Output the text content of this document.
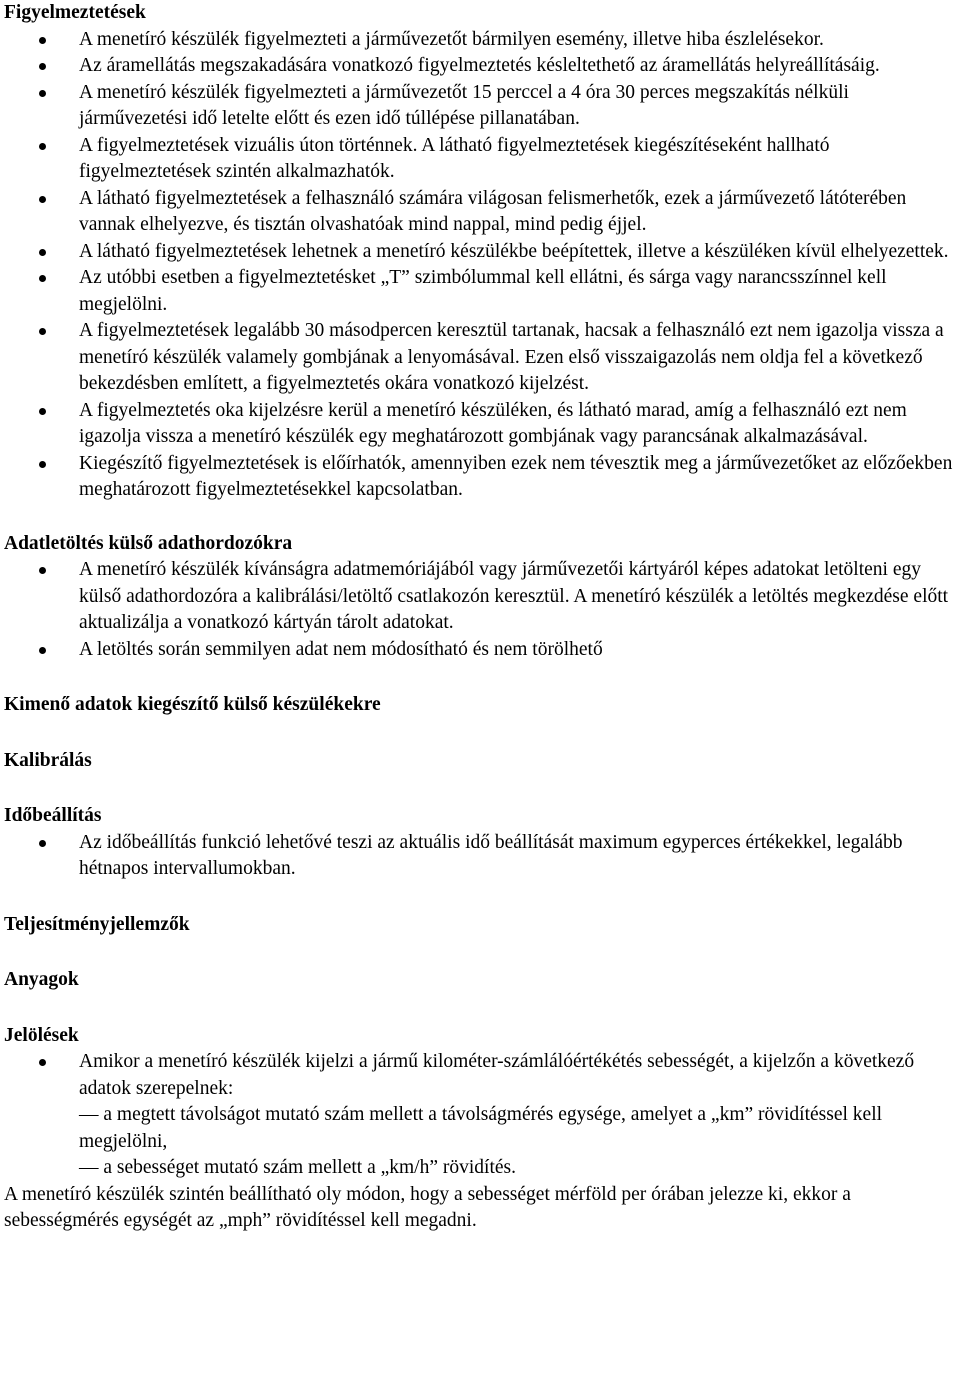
Figyelmeztetések
A menetíró készülék figyelmezteti a járművezetőt bármilyen esemény, illetve hiba észlelésekor.
Az áramellátás megszakadására vonatkozó figyelmeztetés késleltethető az áramellátás helyreállításáig.
A menetíró készülék figyelmezteti a járművezetőt 15 perccel a 4 óra 30 perces megszakítás nélküli járművezetési idő letelte előtt és ezen idő túllépése pillanatában.
A figyelmeztetések vizuális úton történnek. A látható figyelmeztetések kiegészítéseként hallható figyelmeztetések szintén alkalmazhatók.
A látható figyelmeztetések a felhasználó számára világosan felismerhetők, ezek a járművezető látóterében vannak elhelyezve, és tisztán olvashatóak mind nappal, mind pedig éjjel.
A látható figyelmeztetések lehetnek a menetíró készülékbe beépítettek, illetve a készüléken kívül elhelyezettek.
Az utóbbi esetben a figyelmeztetésket „T” szimbólummal kell ellátni, és sárga vagy narancsszínnel kell megjelölni.
A figyelmeztetések legalább 30 másodpercen keresztül tartanak, hacsak a felhasználó ezt nem igazolja vissza a menetíró készülék valamely gombjának a lenyomásával. Ezen első visszaigazolás nem oldja fel a következő bekezdésben említett, a figyelmeztetés okára vonatkozó kijelzést.
A figyelmeztetés oka kijelzésre kerül a menetíró készüléken, és látható marad, amíg a felhasználó ezt nem igazolja vissza a menetíró készülék egy meghatározott gombjának vagy parancsának alkalmazásával.
Kiegészítő figyelmeztetések is előírhatók, amennyiben ezek nem tévesztik meg a járművezetőket az előzőekben meghatározott figyelmeztetésekkel kapcsolatban.
Adatletöltés külső adathordozókra
A menetíró készülék kívánságra adatmemóriájából vagy járművezetői kártyáról képes adatokat letölteni egy külső adathordozóra a kalibrálási/letöltő csatlakozón keresztül. A menetíró készülék a letöltés megkezdése előtt aktualizálja a vonatkozó kártyán tárolt adatokat.
A letöltés során semmilyen adat nem módosítható és nem törölhető
Kimenő adatok kiegészítő külső készülékekre
Kalibrálás
Időbeállítás
Az időbeállítás funkció lehetővé teszi az aktuális idő beállítását maximum egyperces értékekkel, legalább hétnapos intervallumokban.
Teljesítményjellemzők
Anyagok
Jelölések
Amikor a menetíró készülék kijelzi a jármű kilométer-számlálóértékétés sebességét, a kijelzőn a következő adatok szerepelnek:
— a megtett távolságot mutató szám mellett a távolságmérés egysége, amelyet a „km” rövidítéssel kell megjelölni,
— a sebességet mutató szám mellett a „km/h” rövidítés.

A menetíró készülék szintén beállítható oly módon, hogy a sebességet mérföld per órában jelezze ki, ekkor a sebességmérés egységét az „mph” rövidítéssel kell megadni.
